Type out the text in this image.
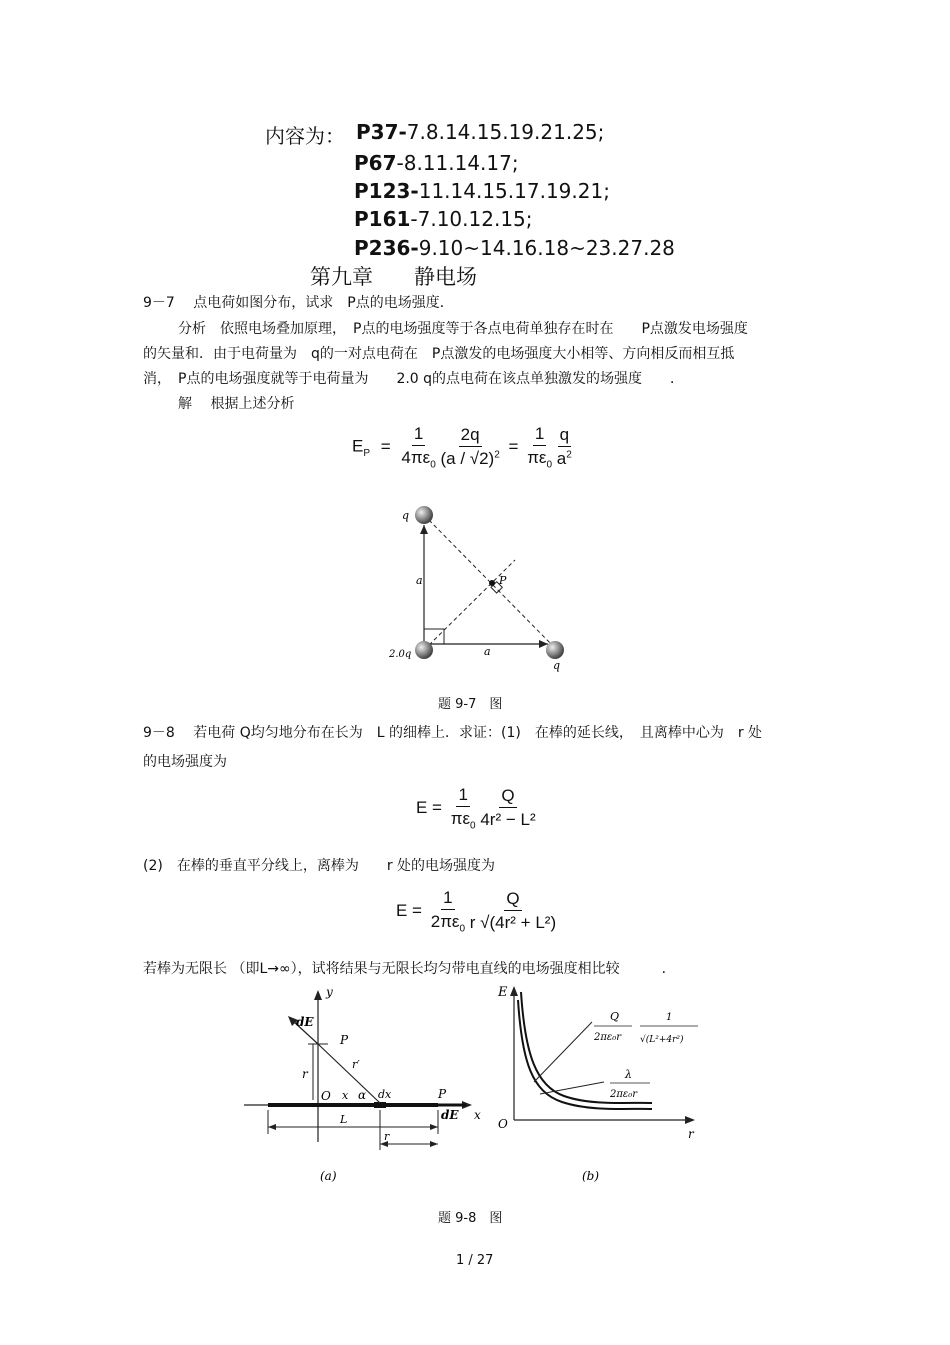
内容为： P37-7.8.14.15.19.21.25;
P67-8.11.14.17;
P123-11.14.15.17.19.21;
P161-7.10.12.15;
P236-9.10~14.16.18~23.27.28
第九章 静电场
9－7　 点电荷如图分布，试求　P点的电场强度．
分析　依照电场叠加原理，　P点的电场强度等于各点电荷单独存在时在　　P点激发电场强度
的矢量和．由于电荷量为　q的一对点电荷在　P点激发的电场强度大小相等、方向相反而相互抵
消，　P点的电场强度就等于电荷量为　　2.0 q的点电荷在该点单独激发的场强度　　．
解　 根据上述分析
$E_P = \frac{1}{4\pi\varepsilon_0}$
$\frac{2q}{(a / √2)^2} = \frac{1}{\pi\varepsilon_0}$
$\frac{q}{a^2}$
q
a	P
2.0q	a
q
题 9-7　图
9－8　 若电荷 Q均匀地分布在长为　L 的细棒上．求证：(1)　在棒的延长线，　且离棒中心为　r 处
的电场强度为
$E = \frac{1}{\pi\varepsilon_0}$
$\frac{Q}{\text{4r² − L²}}$
(2)　在棒的垂直平分线上，离棒为　　r 处的电场强度为
$E = \frac{1}{2\pi\varepsilon_0}$
$\frac{Q}{\text{r √(4r² + L²)}}$
若棒为无限长 （即L→∞），试将结果与无限长均匀带电直线的电场强度相比较　　　．
y
dE
P
r′
r
O x α dx	P
dE x
L
r
(a)
E
O
r
Q
2πε₀r
1
√(L²+4r²)
λ
2πε₀r
(b)
题 9-8　图
1 / 27
